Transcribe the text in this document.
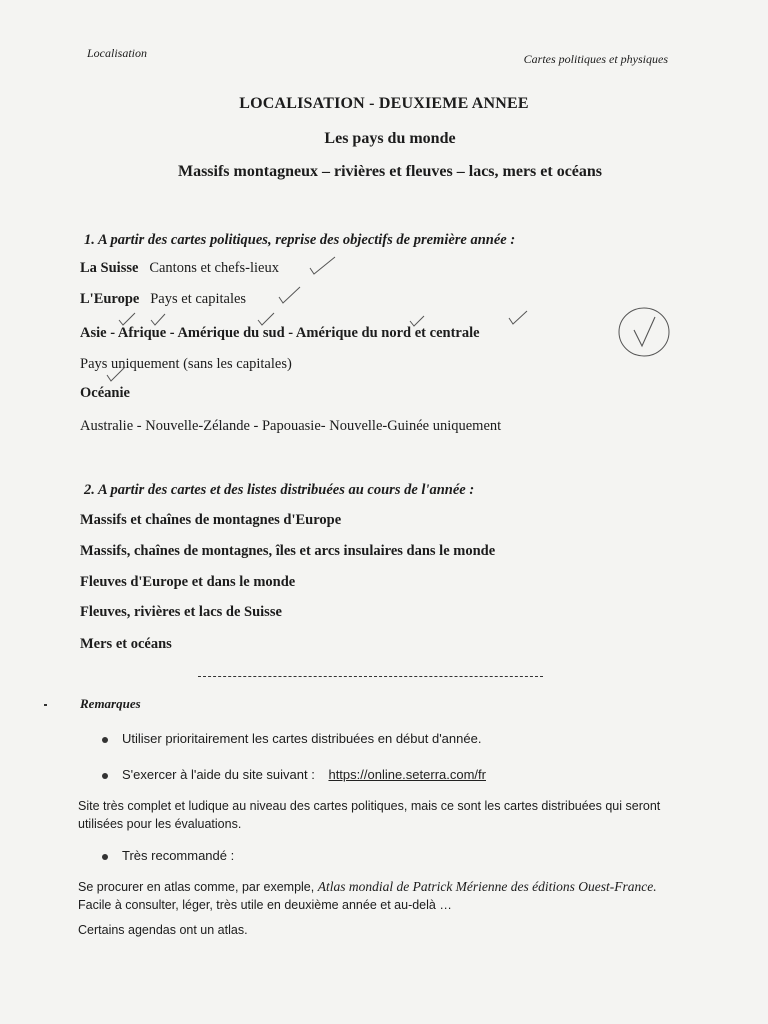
Localisation	Cartes politiques et physiques
LOCALISATION - DEUXIEME ANNEE
Les pays du monde
Massifs montagneux – rivières et fleuves – lacs, mers et océans
1. A partir des cartes politiques, reprise des objectifs de première année :
La Suisse Cantons et chefs-lieux
L'Europe Pays et capitales
Asie - Afrique - Amérique du sud - Amérique du nord et centrale
Pays uniquement (sans les capitales)
Océanie
Australie - Nouvelle-Zélande - Papouasie- Nouvelle-Guinée uniquement
2. A partir des cartes et des listes distribuées au cours de l'année :
Massifs et chaînes de montagnes d'Europe
Massifs, chaînes de montagnes, îles et arcs insulaires dans le monde
Fleuves d'Europe et dans le monde
Fleuves, rivières et lacs de Suisse
Mers et océans
Remarques
Utiliser prioritairement les cartes distribuées en début d'année.
S'exercer à l'aide du site suivant : https://online.seterra.com/fr
Site très complet et ludique au niveau des cartes politiques, mais ce sont les cartes distribuées qui seront utilisées pour les évaluations.
Très recommandé :
Se procurer en atlas comme, par exemple, Atlas mondial de Patrick Mérienne des éditions Ouest-France. Facile à consulter, léger, très utile en deuxième année et au-delà …
Certains agendas ont un atlas.
